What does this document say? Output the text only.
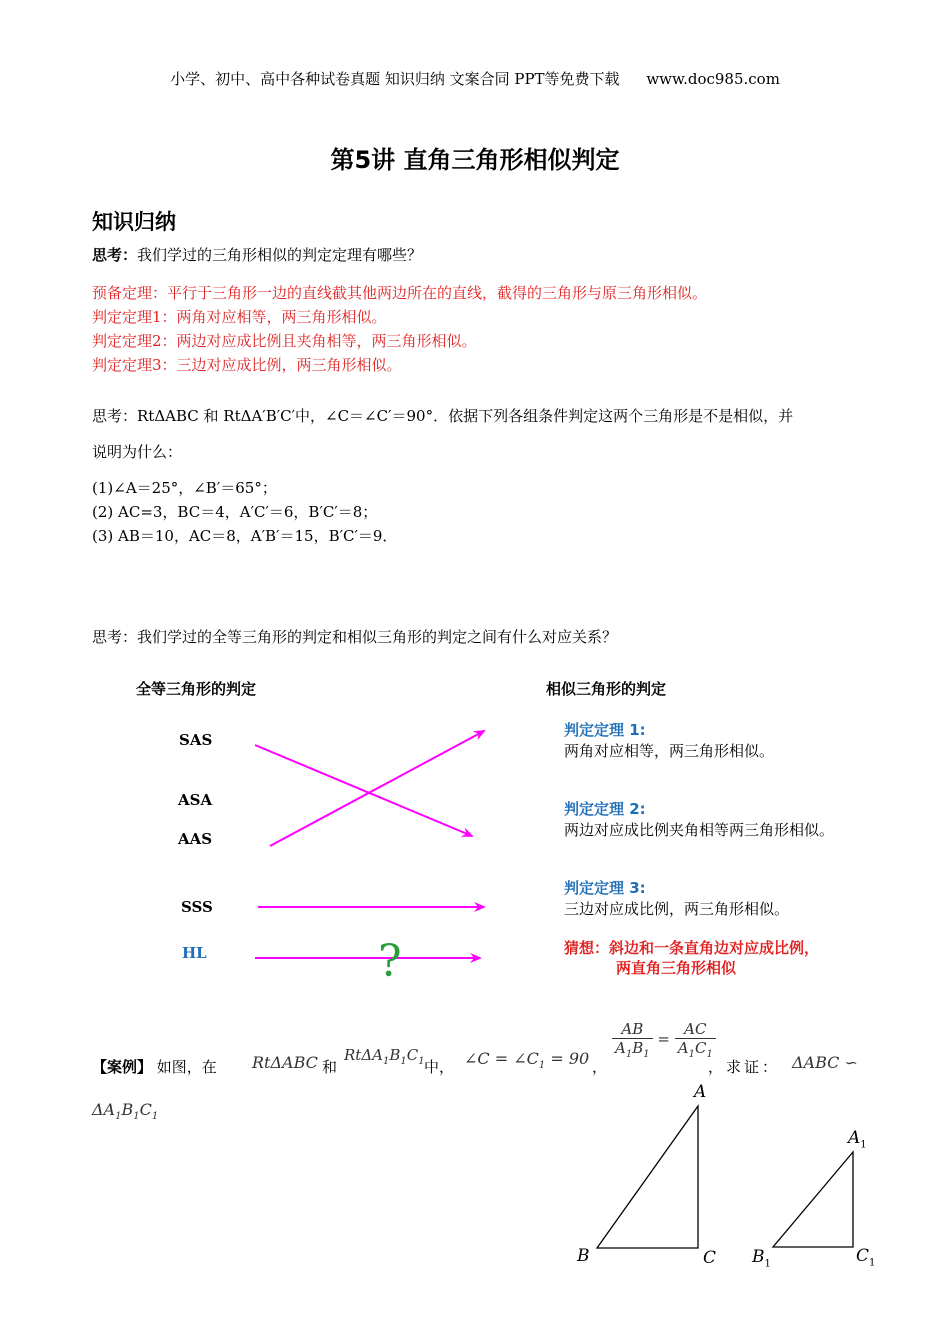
小学、初中、高中各种试卷真题 知识归纳 文案合同 PPT等免费下载 www.doc985.com
第5讲 直角三角形相似判定
知识归纳
思考：我们学过的三角形相似的判定定理有哪些？
预备定理：平行于三角形一边的直线截其他两边所在的直线，截得的三角形与原三角形相似。
判定定理1：两角对应相等，两三角形相似。
判定定理2：两边对应成比例且夹角相等，两三角形相似。
判定定理3：三边对应成比例，两三角形相似。
思考：RtΔABC 和 RtΔA′B′C′中，∠C＝∠C′＝90°．依据下列各组条件判定这两个三角形是不是相似，并
说明为什么：
(1)∠A＝25°，∠B′＝65°；
(2) AC=3，BC＝4，A′C′＝6，B′C′＝8；
(3) AB＝10，AC＝8，A′B′＝15，B′C′＝9．
思考：我们学过的全等三角形的判定和相似三角形的判定之间有什么对应关系？
全等三角形的判定	相似三角形的判定
SAS
ASA
AAS
SSS
HL	?
判定定理 1:
两角对应相等，两三角形相似。
判定定理 2:
两边对应成比例夹角相等两三角形相似。
判定定理 3:
三边对应成比例，两三角形相似。
猜想：斜边和一条直角边对应成比例，
两直角三角形相似
【案例】 如图，在 RtΔABC 和
$Rt\Delta A_1B_1C_1$ 中， ∠C = $\angle C_1 = 90$ ，
$\frac{AB}{A_1B_1} = \frac{AC}{A_1C_1}$
，求证： ΔABC ∽
$\Delta A_1B_1C_1$
A
B	C
$A_1$
$B_1$	$C_1$
